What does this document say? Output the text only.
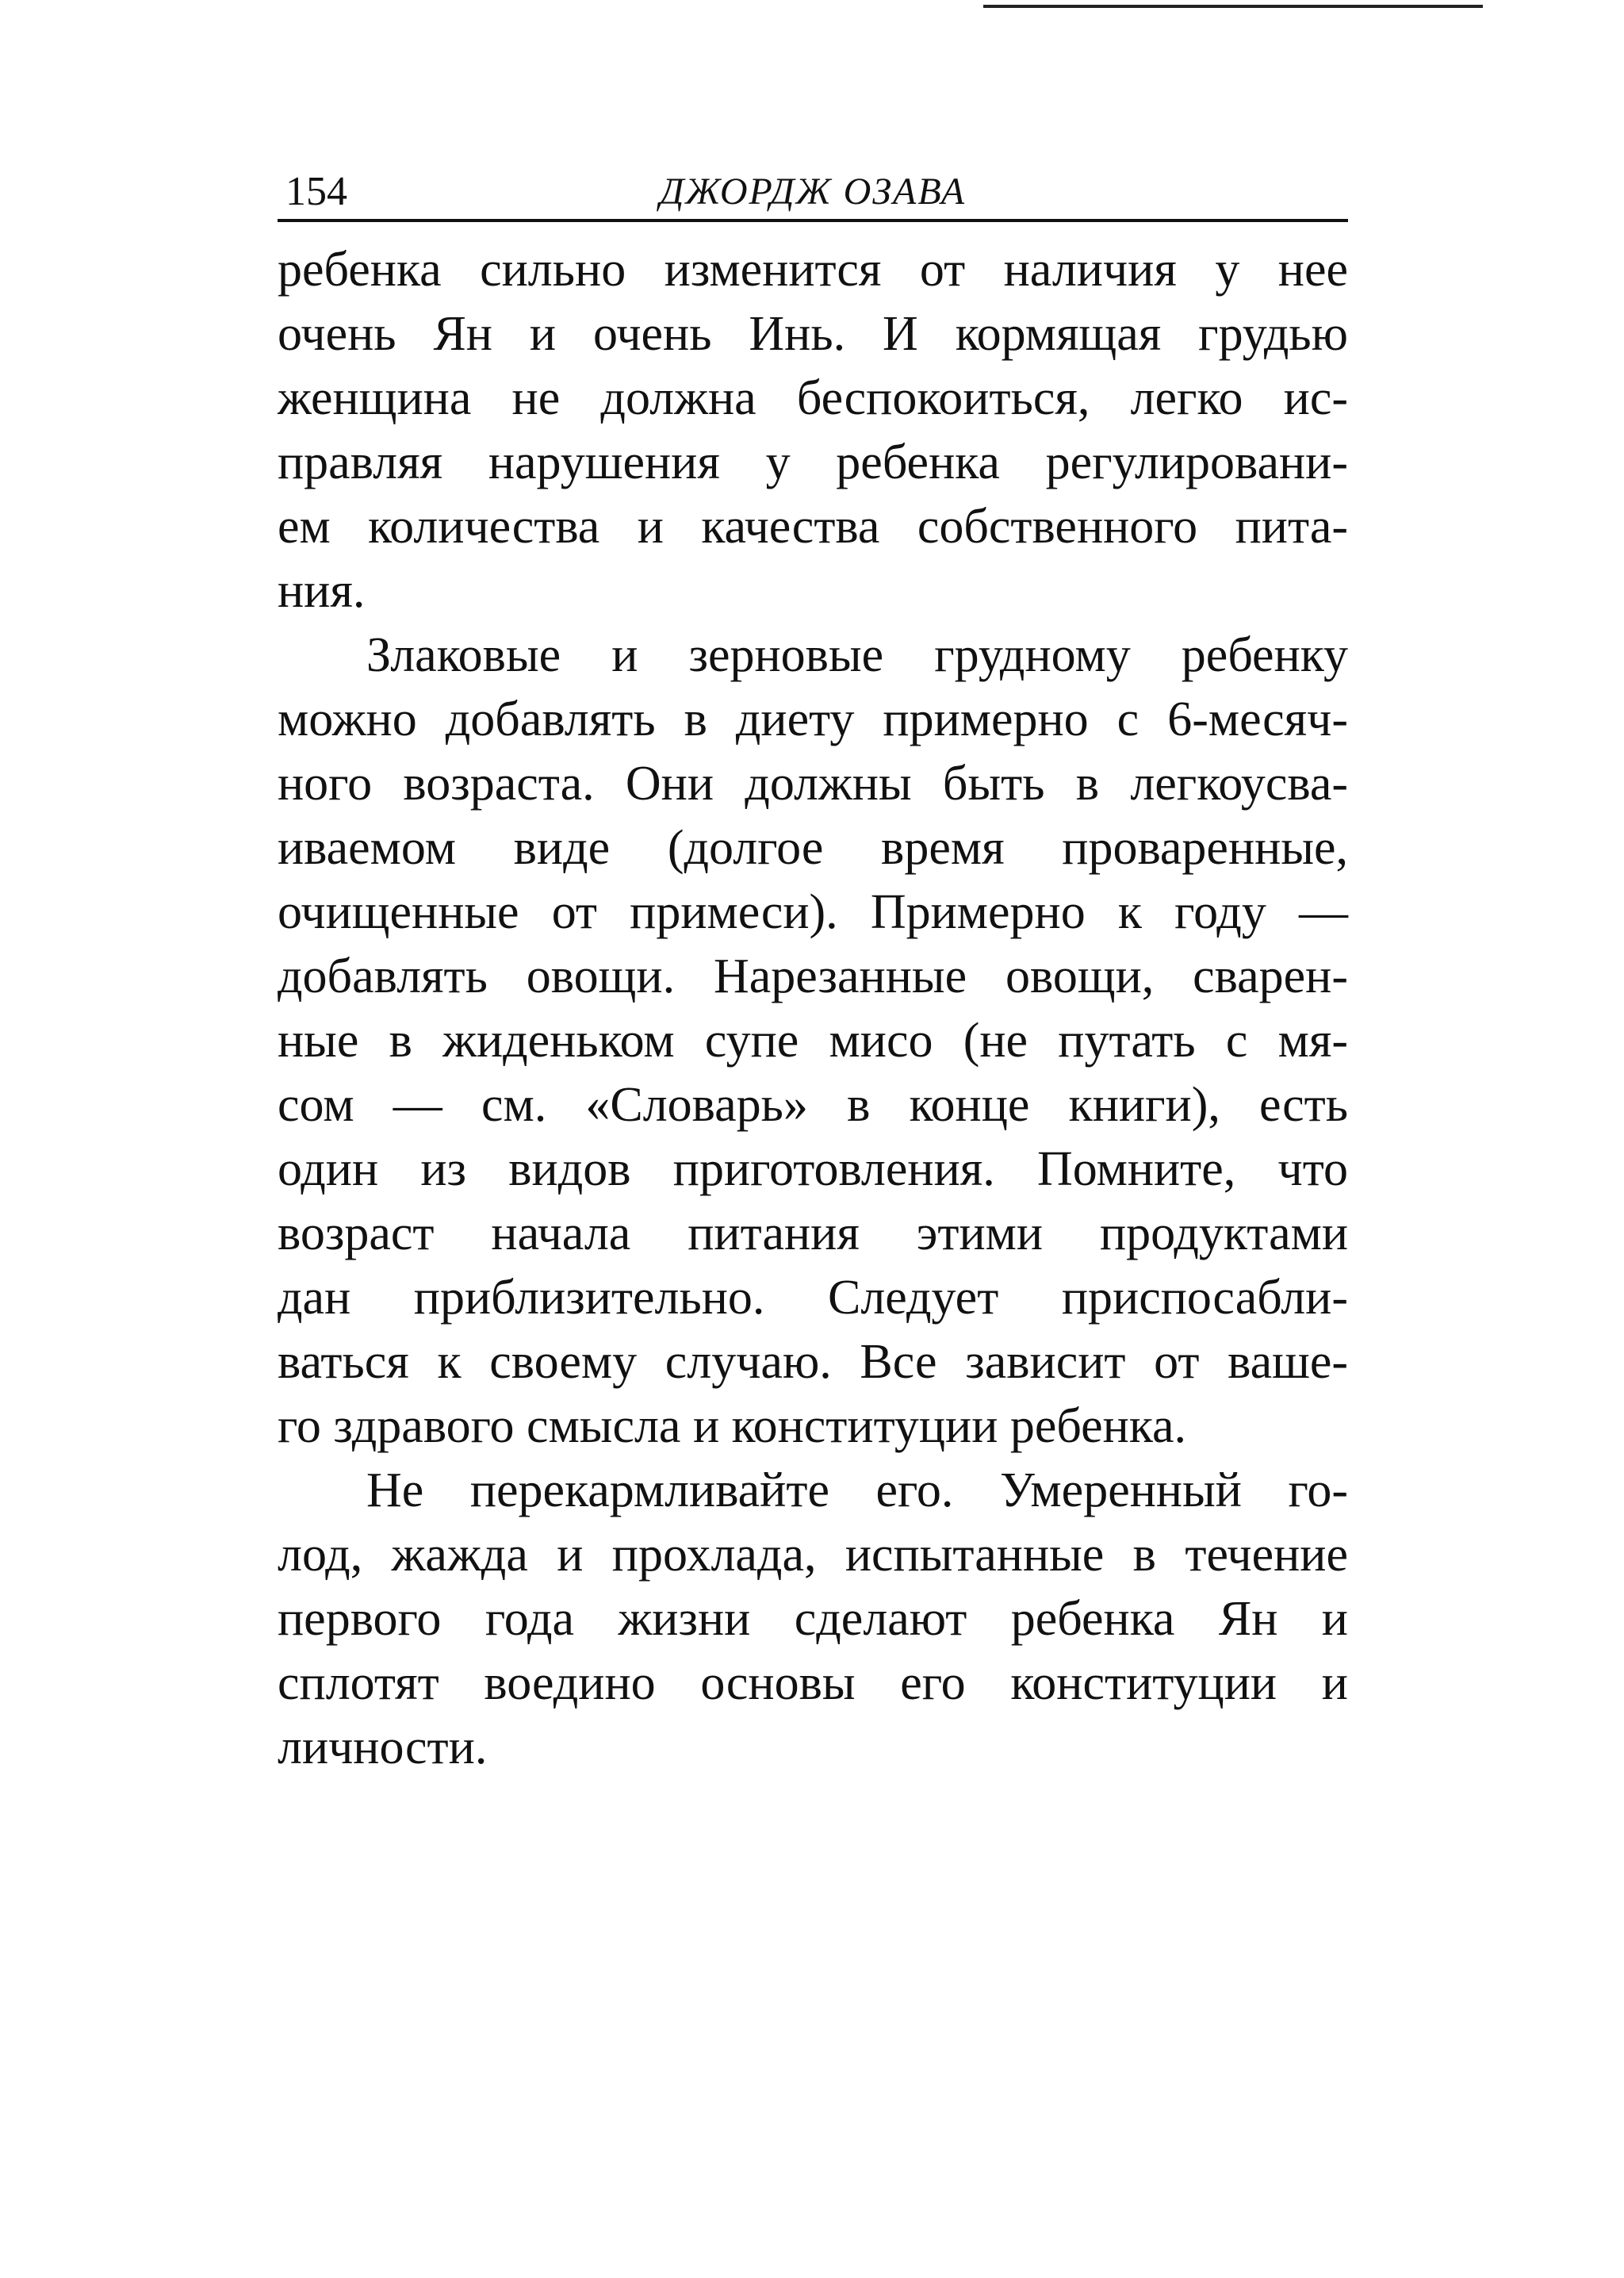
154	ДЖОРДЖ ОЗАВА
ребенка сильно изменится от наличия у нее
очень Ян и очень Инь. И кормящая грудью
женщина не должна беспокоиться, легко ис-
правляя нарушения у ребенка регулировани-
ем количества и качества собственного пита-
ния.
Злаковые и зерновые грудному ребенку
можно добавлять в диету примерно с 6-месяч-
ного возраста. Они должны быть в легкоусва-
иваемом виде (долгое время проваренные,
очищенные от примеси). Примерно к году —
добавлять овощи. Нарезанные овощи, сварен-
ные в жиденьком супе мисо (не путать с мя-
сом — см. «Словарь» в конце книги), есть
один из видов приготовления. Помните, что
возраст начала питания этими продуктами
дан приблизительно. Следует приспосабли-
ваться к своему случаю. Все зависит от ваше-
го здравого смысла и конституции ребенка.
Не перекармливайте его. Умеренный го-
лод, жажда и прохлада, испытанные в течение
первого года жизни сделают ребенка Ян и
сплотят воедино основы его конституции и
личности.
